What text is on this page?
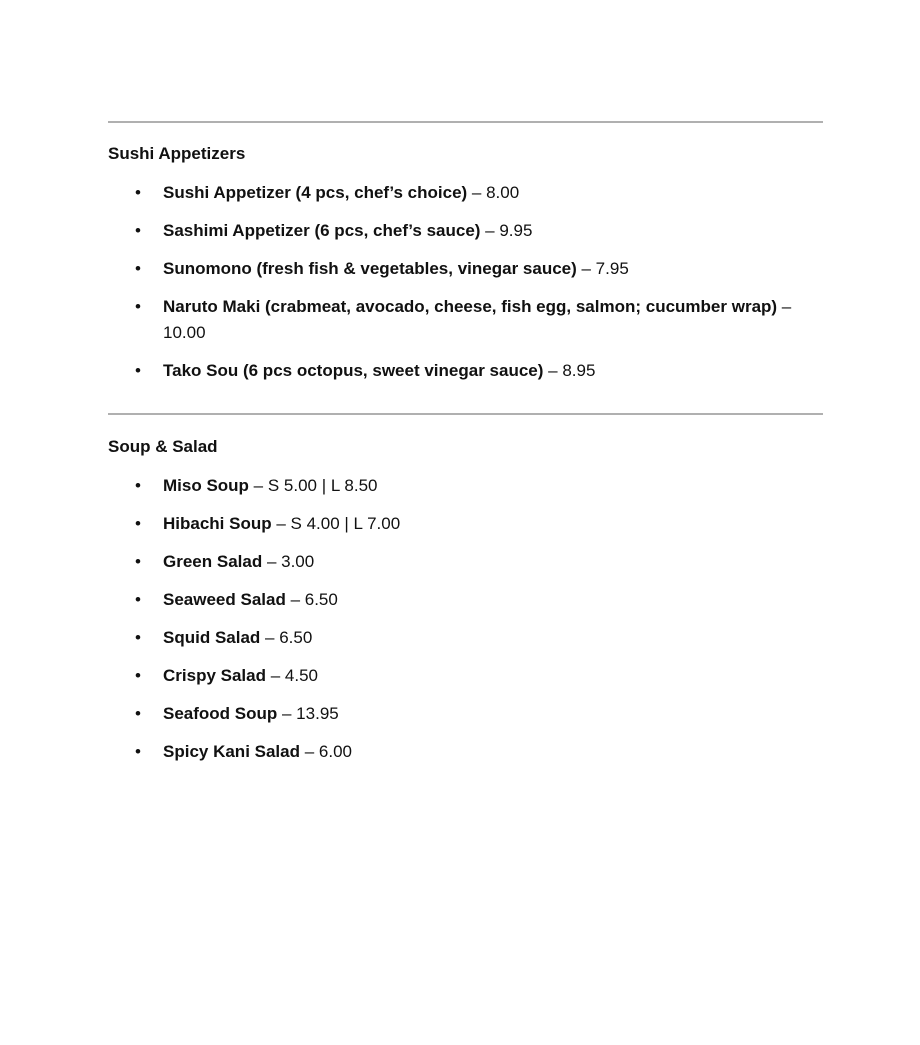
Sushi Appetizers
• Sushi Appetizer (4 pcs, chef’s choice) – 8.00
• Sashimi Appetizer (6 pcs, chef’s sauce) – 9.95
• Sunomono (fresh fish & vegetables, vinegar sauce) – 7.95
• Naruto Maki (crabmeat, avocado, cheese, fish egg, salmon; cucumber wrap) – 10.00
• Tako Sou (6 pcs octopus, sweet vinegar sauce) – 8.95
Soup & Salad
• Miso Soup – S 5.00 | L 8.50
• Hibachi Soup – S 4.00 | L 7.00
• Green Salad – 3.00
• Seaweed Salad – 6.50
• Squid Salad – 6.50
• Crispy Salad – 4.50
• Seafood Soup – 13.95
• Spicy Kani Salad – 6.00
